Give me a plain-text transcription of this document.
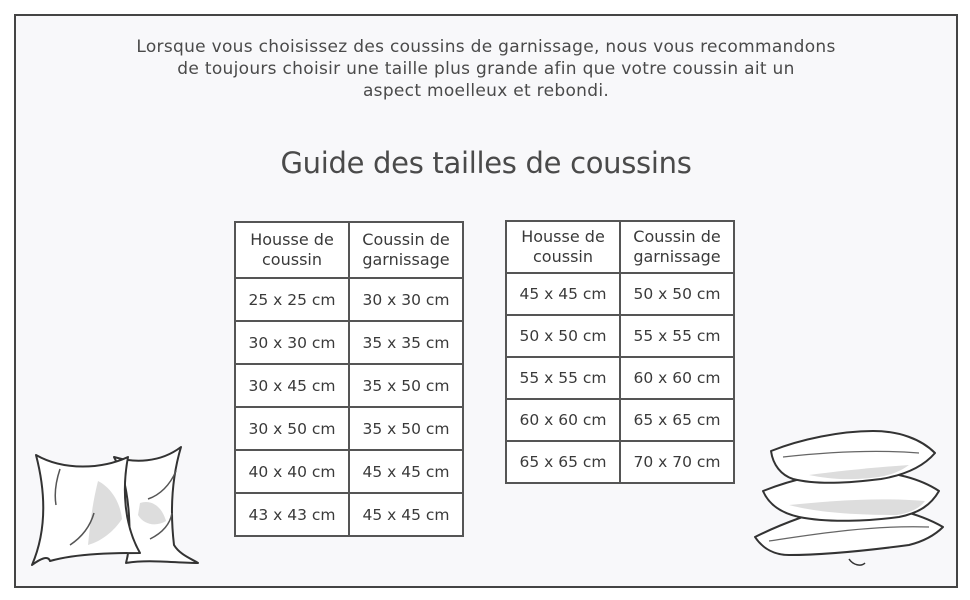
Lorsque vous choisissez des coussins de garnissage, nous vous recommandons
de toujours choisir une taille plus grande afin que votre coussin ait un
aspect moelleux et rebondi.
Guide des tailles de coussins
Housse de
coussin	Coussin de
garnissage
25 x 25 cm	30 x 30 cm
30 x 30 cm	35 x 35 cm
30 x 45 cm	35 x 50 cm
30 x 50 cm	35 x 50 cm
40 x 40 cm	45 x 45 cm
43 x 43 cm	45 x 45 cm
Housse de
coussin	Coussin de
garnissage
45 x 45 cm	50 x 50 cm
50 x 50 cm	55 x 55 cm
55 x 55 cm	60 x 60 cm
60 x 60 cm	65 x 65 cm
65 x 65 cm	70 x 70 cm
